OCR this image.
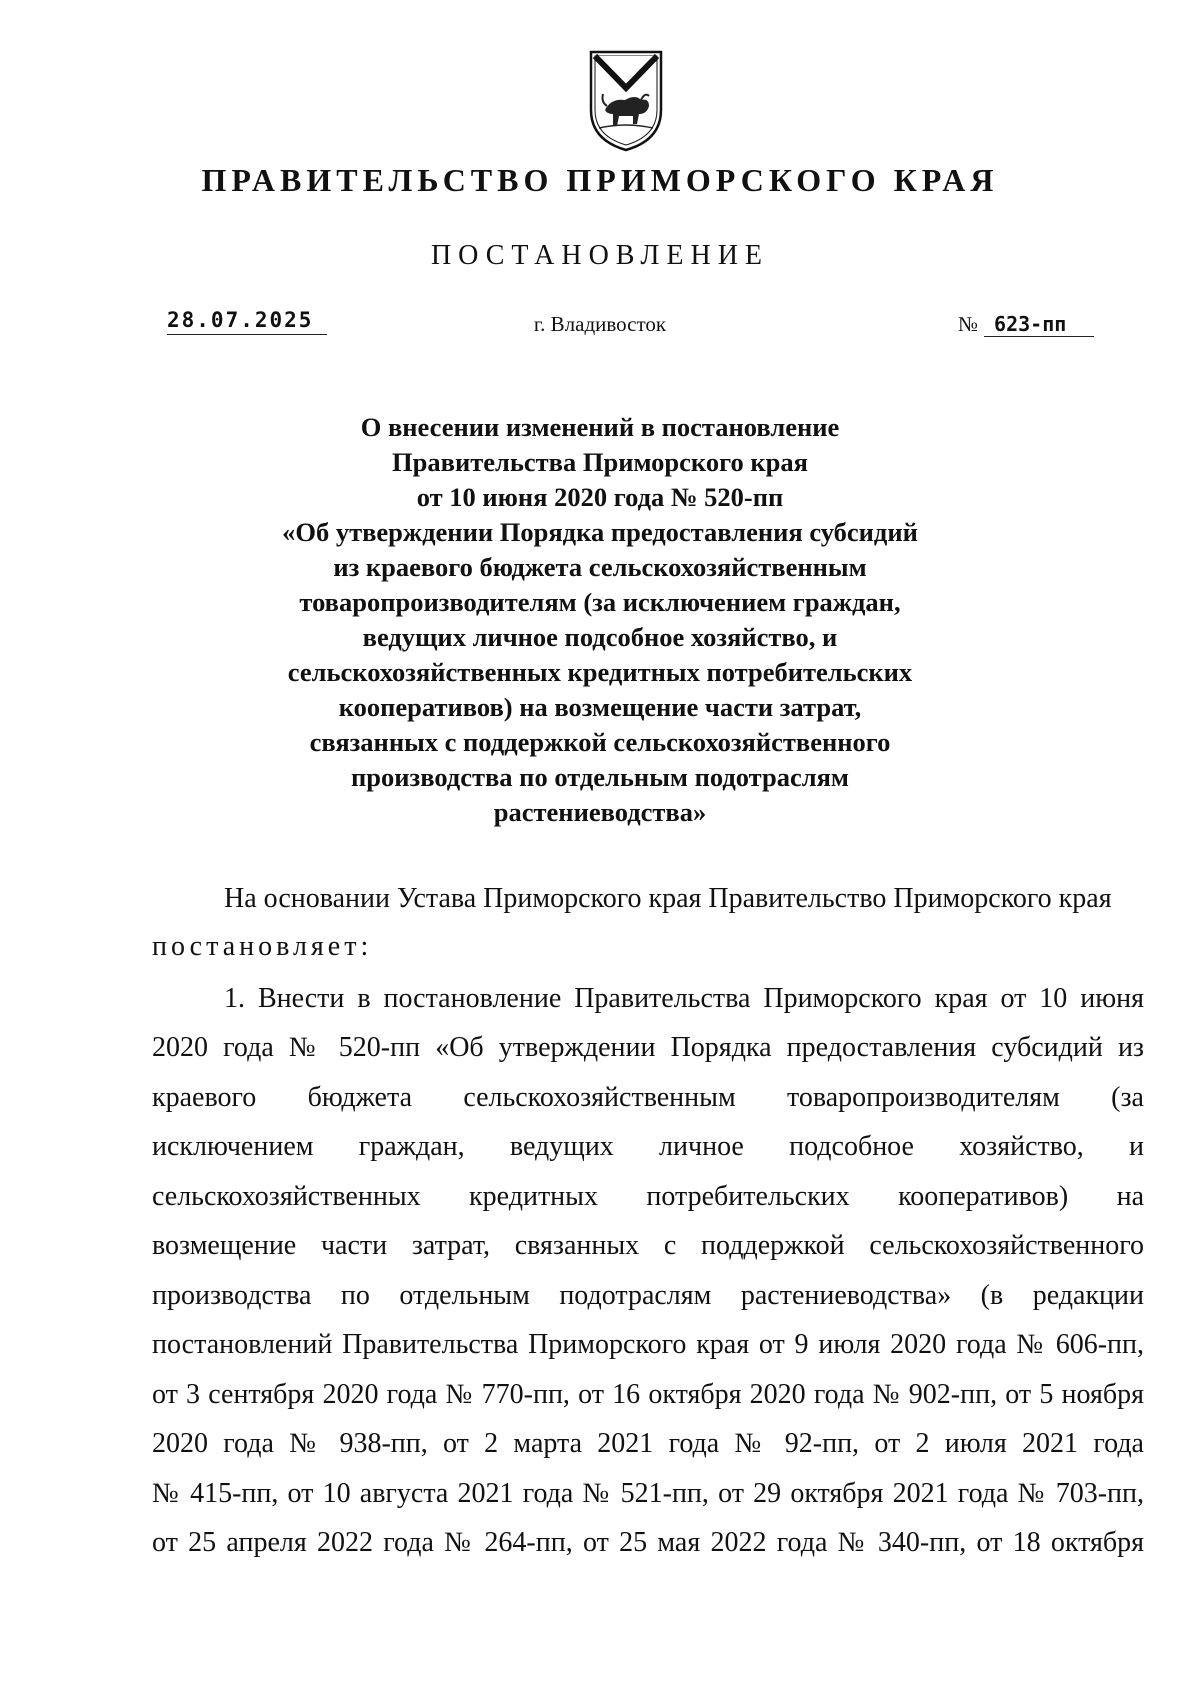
ПРАВИТЕЛЬСТВО ПРИМОРСКОГО КРАЯ
ПОСТАНОВЛЕНИЕ
28.07.2025	г. Владивосток	№ 623-пп
О внесении изменений в постановление
Правительства Приморского края
от 10 июня 2020 года № 520-пп
«Об утверждении Порядка предоставления субсидий
из краевого бюджета сельскохозяйственным
товаропроизводителям (за исключением граждан,
ведущих личное подсобное хозяйство, и
сельскохозяйственных кредитных потребительских
кооперативов) на возмещение части затрат,
связанных с поддержкой сельскохозяйственного
производства по отдельным подотраслям
растениеводства»
На основании Устава Приморского края Правительство Приморского края
постановляет:
1. Внести в постановление Правительства Приморского края от 10 июня
2020 года № 520-пп «Об утверждении Порядка предоставления субсидий из
краевого бюджета сельскохозяйственным товаропроизводителям (за
исключением граждан, ведущих личное подсобное хозяйство, и
сельскохозяйственных кредитных потребительских кооперативов) на
возмещение части затрат, связанных с поддержкой сельскохозяйственного
производства по отдельным подотраслям растениеводства» (в редакции
постановлений Правительства Приморского края от 9 июля 2020 года № 606-пп,
от 3 сентября 2020 года № 770-пп, от 16 октября 2020 года № 902-пп, от 5 ноября
2020 года № 938-пп, от 2 марта 2021 года № 92-пп, от 2 июля 2021 года
№ 415-пп, от 10 августа 2021 года № 521-пп, от 29 октября 2021 года № 703-пп,
от 25 апреля 2022 года № 264-пп, от 25 мая 2022 года № 340-пп, от 18 октября
